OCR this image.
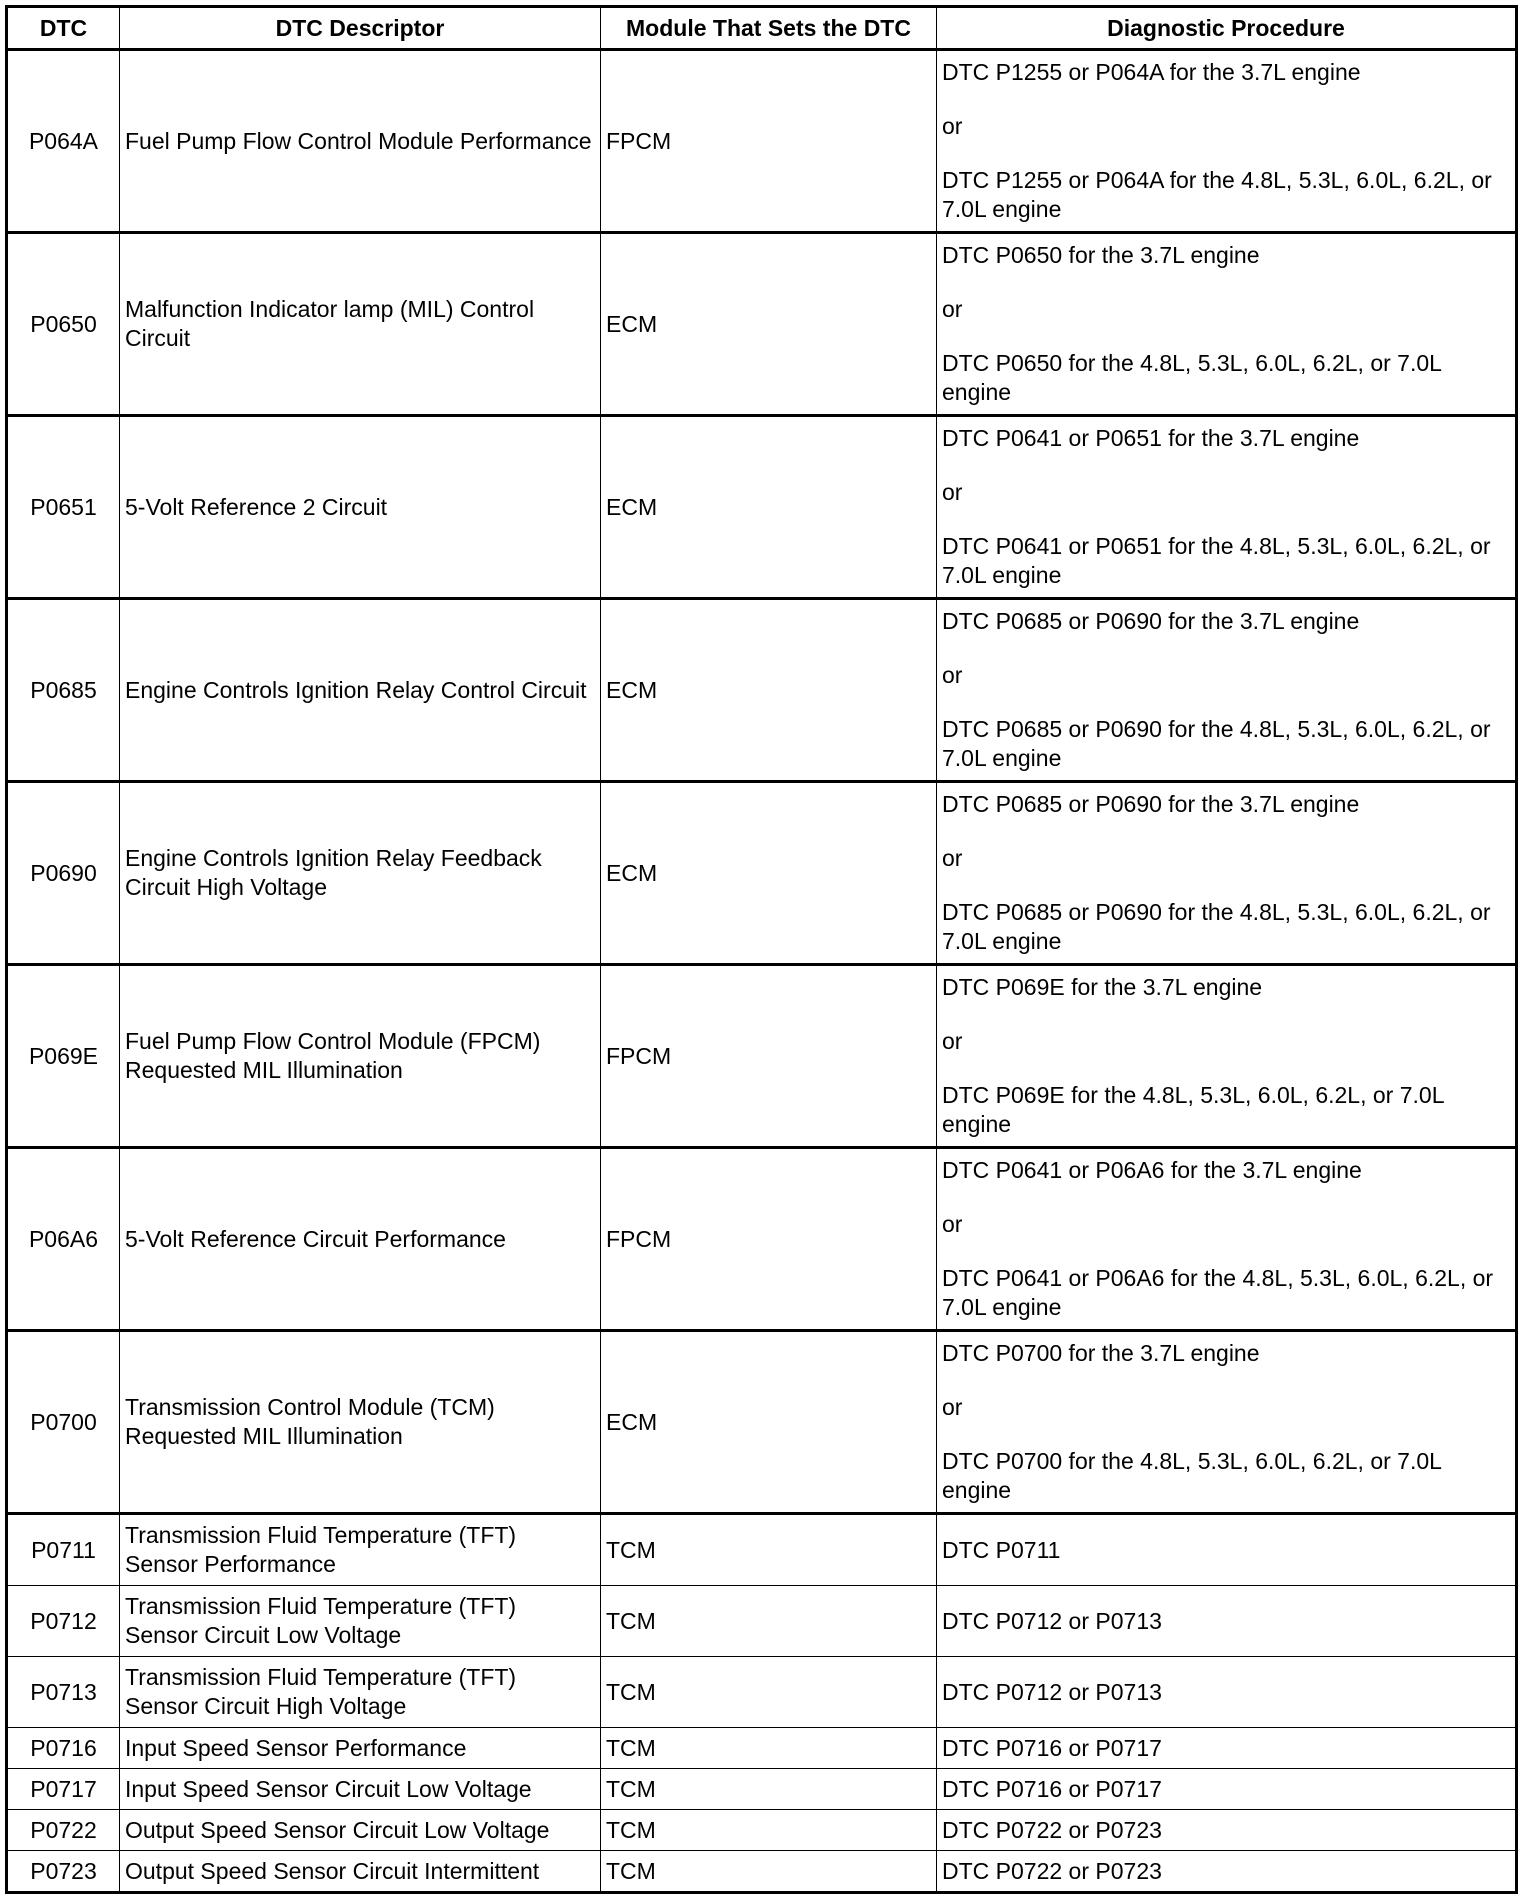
DTC	DTC Descriptor	Module That Sets the DTC	Diagnostic Procedure
P064A	Fuel Pump Flow Control Module Performance	FPCM	DTC P1255 or P064A for the 3.7L engine

or

DTC P1255 or P064A for the 4.8L, 5.3L, 6.0L, 6.2L, or 7.0L engine

P0650	Malfunction Indicator lamp (MIL) Control Circuit	ECM	DTC P0650 for the 3.7L engine

or

DTC P0650 for the 4.8L, 5.3L, 6.0L, 6.2L, or 7.0L engine

P0651	5-Volt Reference 2 Circuit	ECM	DTC P0641 or P0651 for the 3.7L engine

or

DTC P0641 or P0651 for the 4.8L, 5.3L, 6.0L, 6.2L, or 7.0L engine

P0685	Engine Controls Ignition Relay Control Circuit	ECM	DTC P0685 or P0690 for the 3.7L engine

or

DTC P0685 or P0690 for the 4.8L, 5.3L, 6.0L, 6.2L, or 7.0L engine

P0690	Engine Controls Ignition Relay Feedback Circuit High Voltage	ECM	DTC P0685 or P0690 for the 3.7L engine

or

DTC P0685 or P0690 for the 4.8L, 5.3L, 6.0L, 6.2L, or 7.0L engine

P069E	Fuel Pump Flow Control Module (FPCM) Requested MIL Illumination	FPCM	DTC P069E for the 3.7L engine

or

DTC P069E for the 4.8L, 5.3L, 6.0L, 6.2L, or 7.0L engine

P06A6	5-Volt Reference Circuit Performance	FPCM	DTC P0641 or P06A6 for the 3.7L engine

or

DTC P0641 or P06A6 for the 4.8L, 5.3L, 6.0L, 6.2L, or 7.0L engine

P0700	Transmission Control Module (TCM) Requested MIL Illumination	ECM	DTC P0700 for the 3.7L engine

or

DTC P0700 for the 4.8L, 5.3L, 6.0L, 6.2L, or 7.0L engine

P0711	Transmission Fluid Temperature (TFT) Sensor Performance	TCM	DTC P0711

P0712	Transmission Fluid Temperature (TFT) Sensor Circuit Low Voltage	TCM	DTC P0712 or P0713

P0713	Transmission Fluid Temperature (TFT) Sensor Circuit High Voltage	TCM	DTC P0712 or P0713

P0716	Input Speed Sensor Performance	TCM	DTC P0716 or P0717

P0717	Input Speed Sensor Circuit Low Voltage	TCM	DTC P0716 or P0717

P0722	Output Speed Sensor Circuit Low Voltage	TCM	DTC P0722 or P0723

P0723	Output Speed Sensor Circuit Intermittent	TCM	DTC P0722 or P0723
